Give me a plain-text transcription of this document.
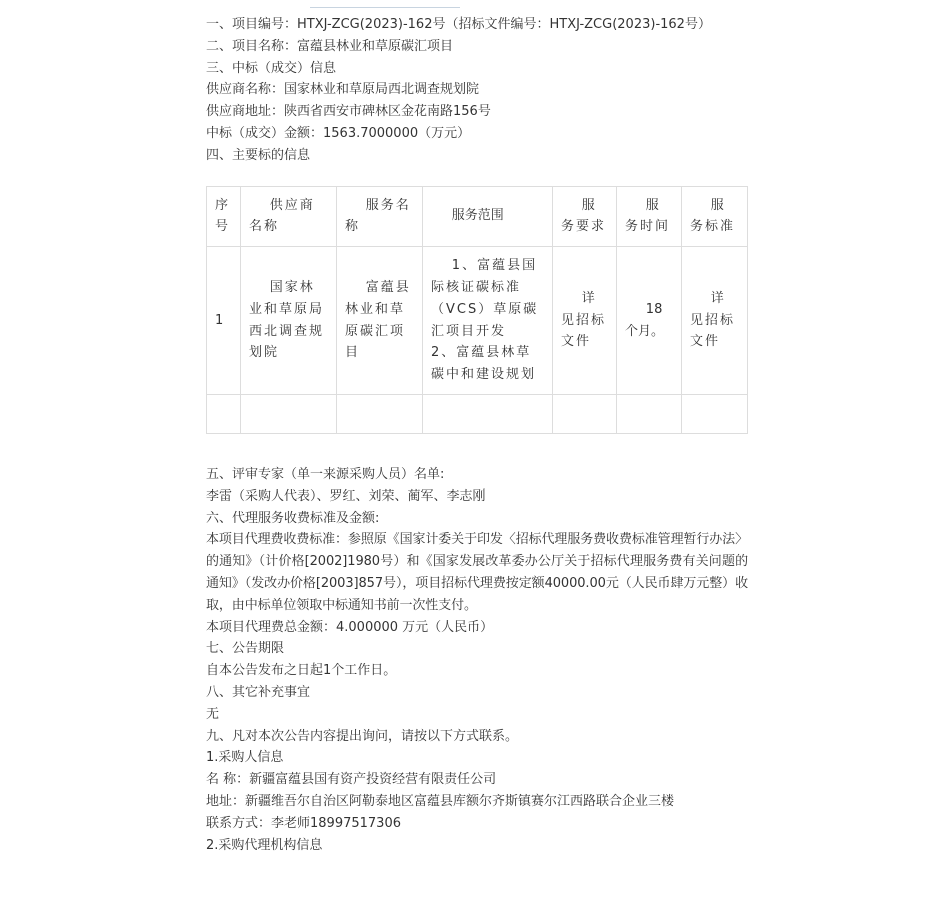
一、项目编号：HTXJ-ZCG(2023)-162号（招标文件编号：HTXJ-ZCG(2023)-162号）
二、项目名称：富蕴县林业和草原碳汇项目
三、中标（成交）信息
供应商名称：国家林业和草原局西北调查规划院
供应商地址：陕西省西安市碑林区金花南路156号
中标（成交）金额：1563.7000000（万元）
四、主要标的信息
序号	供应商名称	服务名称	服务范围	服务要求	服务时间	服务标准
1	国家林业和草原局西北调查规划院	富蕴县林业和草原碳汇项目	1、富蕴县国际核证碳标准（VCS）草原碳汇项目开发
2、富蕴县林草碳中和建设规划	详见招标文件	18个月。	详见招标文件

五、评审专家（单一来源采购人员）名单:
李雷（采购人代表）、罗红、刘荣、蔺军、李志刚
六、代理服务收费标准及金额:
本项目代理费收费标准：参照原《国家计委关于印发〈招标代理服务费收费标准管理暂行办法〉的通知》（计价格[2002]1980号）和《国家发展改革委办公厅关于招标代理服务费有关问题的通知》（发改办价格[2003]857号），项目招标代理费按定额40000.00元（人民币肆万元整）收取，由中标单位领取中标通知书前一次性支付。
本项目代理费总金额：4.000000 万元（人民币）
七、公告期限
自本公告发布之日起1个工作日。
八、其它补充事宜
无
九、凡对本次公告内容提出询问，请按以下方式联系。
1.采购人信息
名 称：新疆富蕴县国有资产投资经营有限责任公司
地址：新疆维吾尔自治区阿勒泰地区富蕴县库额尔齐斯镇赛尔江西路联合企业三楼
联系方式：李老师18997517306
2.采购代理机构信息
